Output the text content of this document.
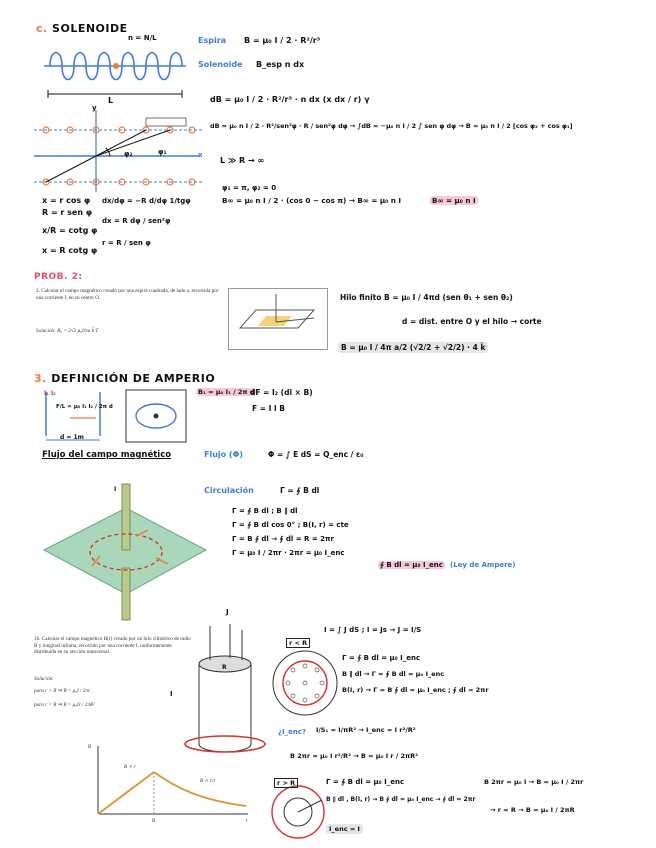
c. SOLENOIDE
n = N/L
L
Espira B = μ₀ I / 2 · R²/r³
Solenoide B_esp n dx
y
x
φ₁
φ₂
dB = μ₀ I / 2 · R²/r³ · n dx (x dx / r) γ
dB = μ₀ n I / 2 · R²/sen²φ · R / sen²φ dφ → ∫dB = −μ₀ n I / 2 ∫ sen φ dφ → B = μ₀ n I / 2 [cos φ₂ + cos φ₁]
L ≫ R → ∞
φ₁ = π, φ₂ = 0
B∞ = μ₀ n I / 2 · (cos 0 − cos π) → B∞ = μ₀ n I	B∞ = μ₀ n I
x = r cos φ
R = r sen φ
x/R = cotg φ
x = R cotg φ
dx/dφ = −R d/dφ 1/tgφ
dx = R dφ / sen²φ
r = R / sen φ
PROB. 2:
2. Calcular el campo magnético creado por una espira cuadrada, de lado a, recorrida por una corriente I, en su centro O.
Solución: B₀ = 2√2 μ₀I/πa k̂ T
Hilo finito B = μ₀ I / 4πd (sen θ₁ + sen θ₂)
d = dist. entre O y el hilo → corte
B = μ₀ I / 4π a/2 (√2/2 + √2/2) · 4 k̂
3. DEFINICIÓN DE AMPERIO
I₁ I₂
F/L = μ₀ I₁ I₂ / 2π d
d = 1m
B₁ = μ₀ I₁ / 2π d
dF = I₂ (dl × B)
F = I l B
Flujo del campo magnético	Flujo (Φ)	Φ = ∫ E dS = Q_enc / ε₀
Circulación	Γ = ∮ B dl
I
Γ = ∮ B dl ; B ∥ dl
Γ = ∮ B dl cos 0° ; B(I, r) = cte
Γ = B ∮ dl → ∮ dl = R = 2πr
Γ = μ₀ I / 2πr · 2πr = μ₀ I_enc
∮ B dl = μ₀ I_enc (Ley de Ampere)
16. Calcular el campo magnético B(r) creado por un hilo cilíndrico de radio R y longitud infinita, recorrido por una corriente I, uniformemente distribuida en su sección transversal.
Solución:
para r > R ⇒ B = μ₀I / 2πr
para r < R ⇒ B = μ₀Ir / 2πR²
B
r
R
B ∝ r
B ∝ 1/r
J
I
R
r < R
I = ∫ J dS ; I = Js → J = I/S
Γ = ∮ B dl = μ₀ I_enc
B ∥ dl → Γ = ∮ B dl = μ₀ I_enc
B(I, r) → Γ = B ∮ dl = μ₀ I_enc ; ∮ dl = 2πr
¿I_enc? I/S₁ = I/πR² → I_enc = I r²/R²
B 2πr = μ₀ I r²/R² → B = μ₀ I r / 2πR²
r > R	Γ = ∮ B dl = μ₀ I_enc
B ∥ dl , B(I, r) → B ∮ dl = μ₀ I_enc → ∮ dl = 2πr
I_enc = I
B 2πr = μ₀ I → B = μ₀ I / 2πr
→ r = R → B = μ₀ I / 2πR
